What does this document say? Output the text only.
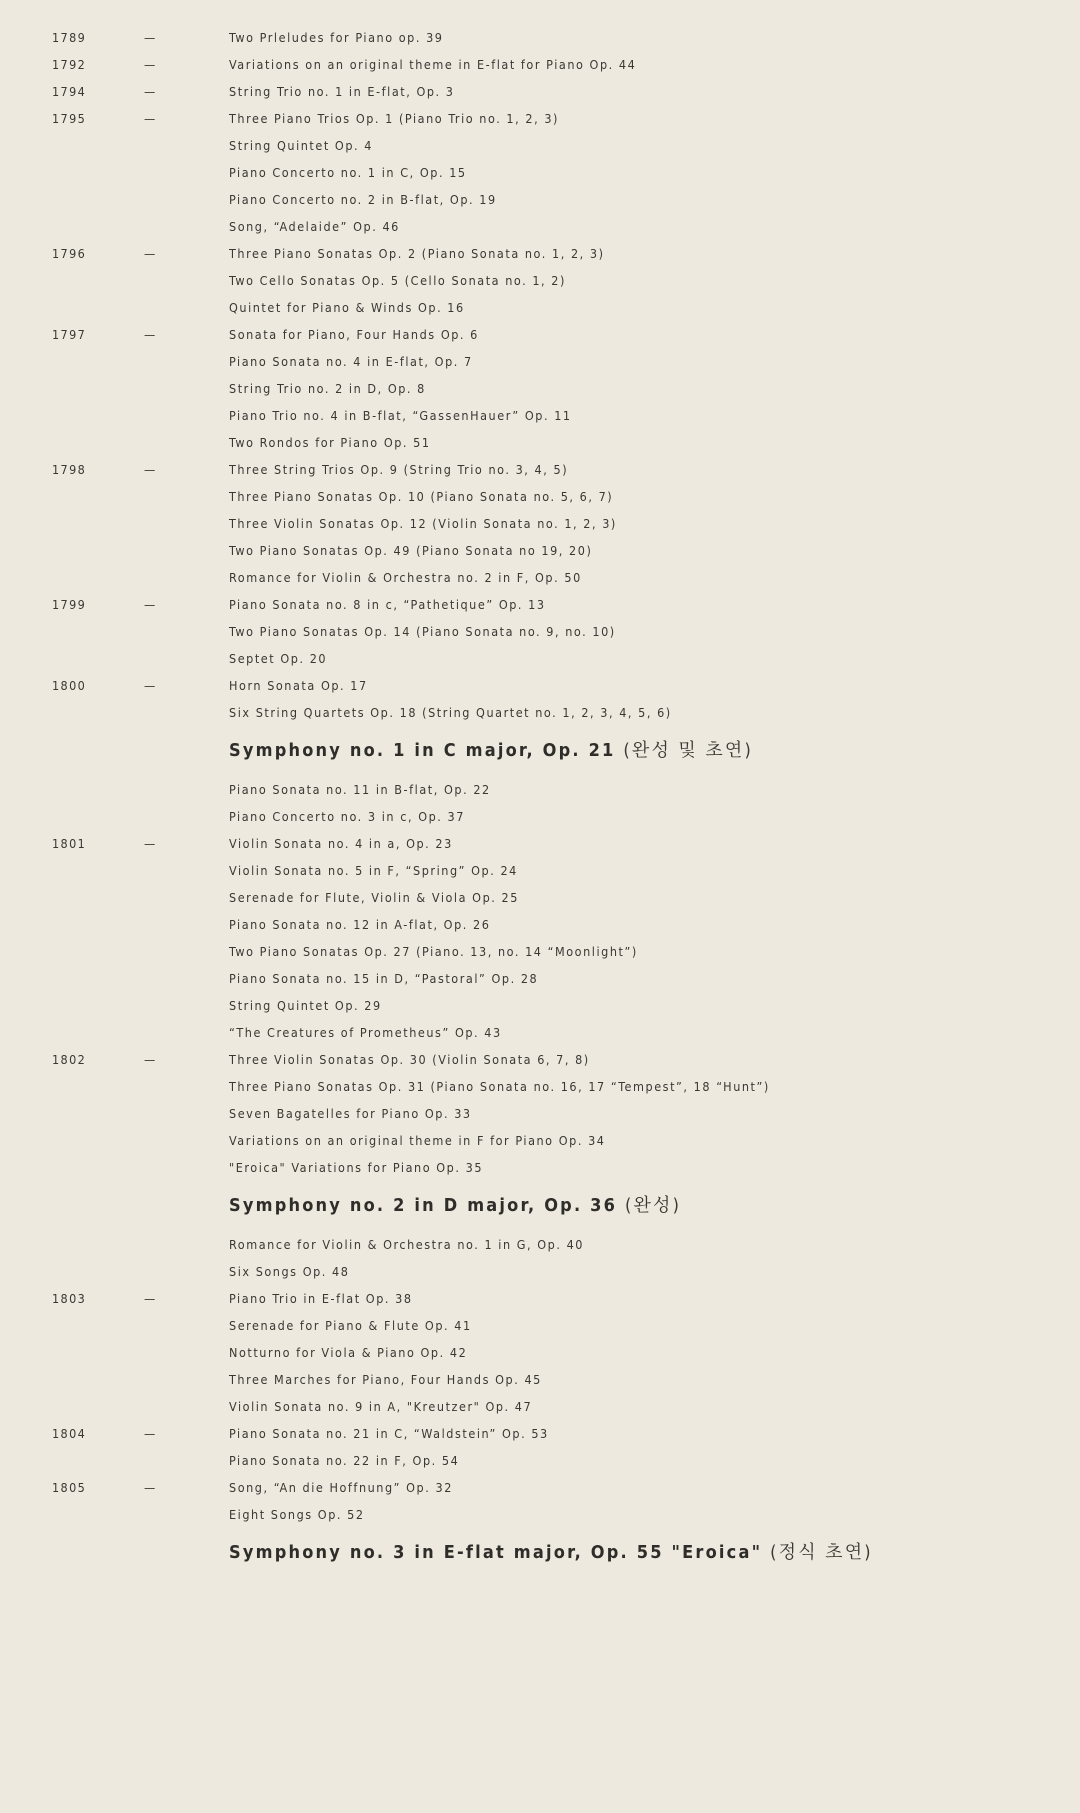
1789	—	Two Prleludes for Piano op. 39
1792	—	Variations on an original theme in E-flat for Piano Op. 44
1794	—	String Trio no. 1 in E-flat, Op. 3
1795	—	Three Piano Trios Op. 1 (Piano Trio no. 1, 2, 3)
String Quintet Op. 4
Piano Concerto no. 1 in C, Op. 15
Piano Concerto no. 2 in B-flat, Op. 19
Song, “Adelaide” Op. 46
1796	—	Three Piano Sonatas Op. 2 (Piano Sonata no. 1, 2, 3)
Two Cello Sonatas Op. 5 (Cello Sonata no. 1, 2)
Quintet for Piano & Winds Op. 16
1797	—	Sonata for Piano, Four Hands Op. 6
Piano Sonata no. 4 in E-flat, Op. 7
String Trio no. 2 in D, Op. 8
Piano Trio no. 4 in B-flat, “GassenHauer” Op. 11
Two Rondos for Piano Op. 51
1798	—	Three String Trios Op. 9 (String Trio no. 3, 4, 5)
Three Piano Sonatas Op. 10 (Piano Sonata no. 5, 6, 7)
Three Violin Sonatas Op. 12 (Violin Sonata no. 1, 2, 3)
Two Piano Sonatas Op. 49 (Piano Sonata no 19, 20)
Romance for Violin & Orchestra no. 2 in F, Op. 50
1799	—	Piano Sonata no. 8 in c, “Pathetique” Op. 13
Two Piano Sonatas Op. 14 (Piano Sonata no. 9, no. 10)
Septet Op. 20
1800	—	Horn Sonata Op. 17
Six String Quartets Op. 18 (String Quartet no. 1, 2, 3, 4, 5, 6)
Symphony no. 1 in C major, Op. 21 (완성 및 초연)
Piano Sonata no. 11 in B-flat, Op. 22
Piano Concerto no. 3 in c, Op. 37
1801	—	Violin Sonata no. 4 in a, Op. 23
Violin Sonata no. 5 in F, “Spring” Op. 24
Serenade for Flute, Violin & Viola Op. 25
Piano Sonata no. 12 in A-flat, Op. 26
Two Piano Sonatas Op. 27 (Piano. 13, no. 14 “Moonlight”)
Piano Sonata no. 15 in D, “Pastoral” Op. 28
String Quintet Op. 29
“The Creatures of Prometheus” Op. 43
1802	—	Three Violin Sonatas Op. 30 (Violin Sonata 6, 7, 8)
Three Piano Sonatas Op. 31 (Piano Sonata no. 16, 17 “Tempest”, 18 “Hunt”)
Seven Bagatelles for Piano Op. 33
Variations on an original theme in F for Piano Op. 34
"Eroica" Variations for Piano Op. 35
Symphony no. 2 in D major, Op. 36 (완성)
Romance for Violin & Orchestra no. 1 in G, Op. 40
Six Songs Op. 48
1803	—	Piano Trio in E-flat Op. 38
Serenade for Piano & Flute Op. 41
Notturno for Viola & Piano Op. 42
Three Marches for Piano, Four Hands Op. 45
Violin Sonata no. 9 in A, "Kreutzer" Op. 47
1804	—	Piano Sonata no. 21 in C, “Waldstein” Op. 53
Piano Sonata no. 22 in F, Op. 54
1805	—	Song, “An die Hoffnung” Op. 32
Eight Songs Op. 52
Symphony no. 3 in E-flat major, Op. 55 "Eroica" (정식 초연)
